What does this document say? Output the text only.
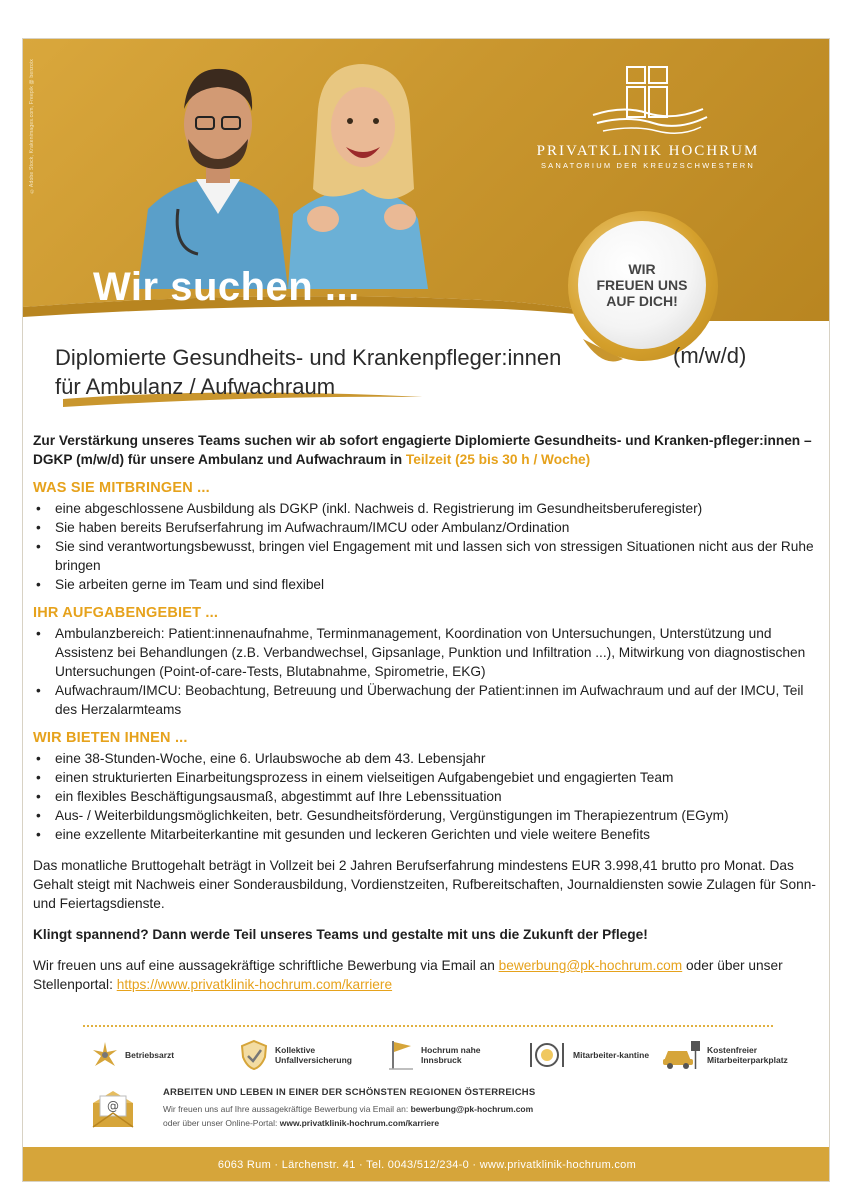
©Adobe Stock, Krakenimages.com, Freepik @ benzoix
Wir suchen ...
PRIVATKLINIK HOCHRUM
SANATORIUM DER KREUZSCHWESTERN
WIR
FREUEN UNS
AUF DICH!
Diplomierte Gesundheits- und Krankenpfleger:innen
für Ambulanz / Aufwachraum
(m/w/d)

Zur Verstärkung unseres Teams suchen wir ab sofort engagierte Diplomierte Gesundheits- und Kranken-pfleger:innen – DGKP (m/w/d) für unsere Ambulanz und Aufwachraum in Teilzeit (25 bis 30 h / Woche)

WAS SIE MITBRINGEN ...
• eine abgeschlossene Ausbildung als DGKP (inkl. Nachweis d. Registrierung im Gesundheitsberuferegister)
• Sie haben bereits Berufserfahrung im Aufwachraum/IMCU oder Ambulanz/Ordination
• Sie sind verantwortungsbewusst, bringen viel Engagement mit und lassen sich von stressigen Situationen nicht aus der Ruhe bringen
• Sie arbeiten gerne im Team und sind flexibel
IHR AUFGABENGEBIET ...
• Ambulanzbereich: Patient:innenaufnahme, Terminmanagement, Koordination von Untersuchungen, Unterstützung und Assistenz bei Behandlungen (z.B. Verbandwechsel, Gipsanlage, Punktion und Infiltration ...), Mitwirkung von diagnostischen Untersuchungen (Point-of-care-Tests, Blutabnahme, Spirometrie, EKG)
• Aufwachraum/IMCU: Beobachtung, Betreuung und Überwachung der Patient:innen im Aufwachraum und auf der IMCU, Teil des Herzalarmteams
WIR BIETEN IHNEN ...
• eine 38-Stunden-Woche, eine 6. Urlaubswoche ab dem 43. Lebensjahr
• einen strukturierten Einarbeitungsprozess in einem vielseitigen Aufgabengebiet und engagierten Team
• ein flexibles Beschäftigungsausmaß, abgestimmt auf Ihre Lebenssituation
• Aus- / Weiterbildungsmöglichkeiten, betr. Gesundheitsförderung, Vergünstigungen im Therapiezentrum (EGym)
• eine exzellente Mitarbeiterkantine mit gesunden und leckeren Gerichten und viele weitere Benefits

Das monatliche Bruttogehalt beträgt in Vollzeit bei 2 Jahren Berufserfahrung mindestens EUR 3.998,41 brutto pro Monat. Das Gehalt steigt mit Nachweis einer Sonderausbildung, Vordienstzeiten, Rufbereitschaften, Journaldiensten sowie Zulagen für Sonn- und Feiertagsdienste.

Klingt spannend? Dann werde Teil unseres Teams und gestalte mit uns die Zukunft der Pflege!

Wir freuen uns auf eine aussagekräftige schriftliche Bewerbung via Email an bewerbung@pk-hochrum.com oder über unser Stellenportal: https://www.privatklinik-hochrum.com/karriere

Betriebsarzt	Kollektive Unfallversicherung
Hochrum nahe Innsbruck	Mitarbeiter-kantine	Kostenfreier Mitarbeiterparkplatz
@
ARBEITEN UND LEBEN IN EINER DER SCHÖNSTEN REGIONEN ÖSTERREICHS
Wir freuen uns auf Ihre aussagekräftige Bewerbung via Email an: bewerbung@pk-hochrum.com
oder über unser Online-Portal: www.privatklinik-hochrum.com/karriere
6063 Rum · Lärchenstr. 41 · Tel. 0043/512/234-0 · www.privatklinik-hochrum.com
